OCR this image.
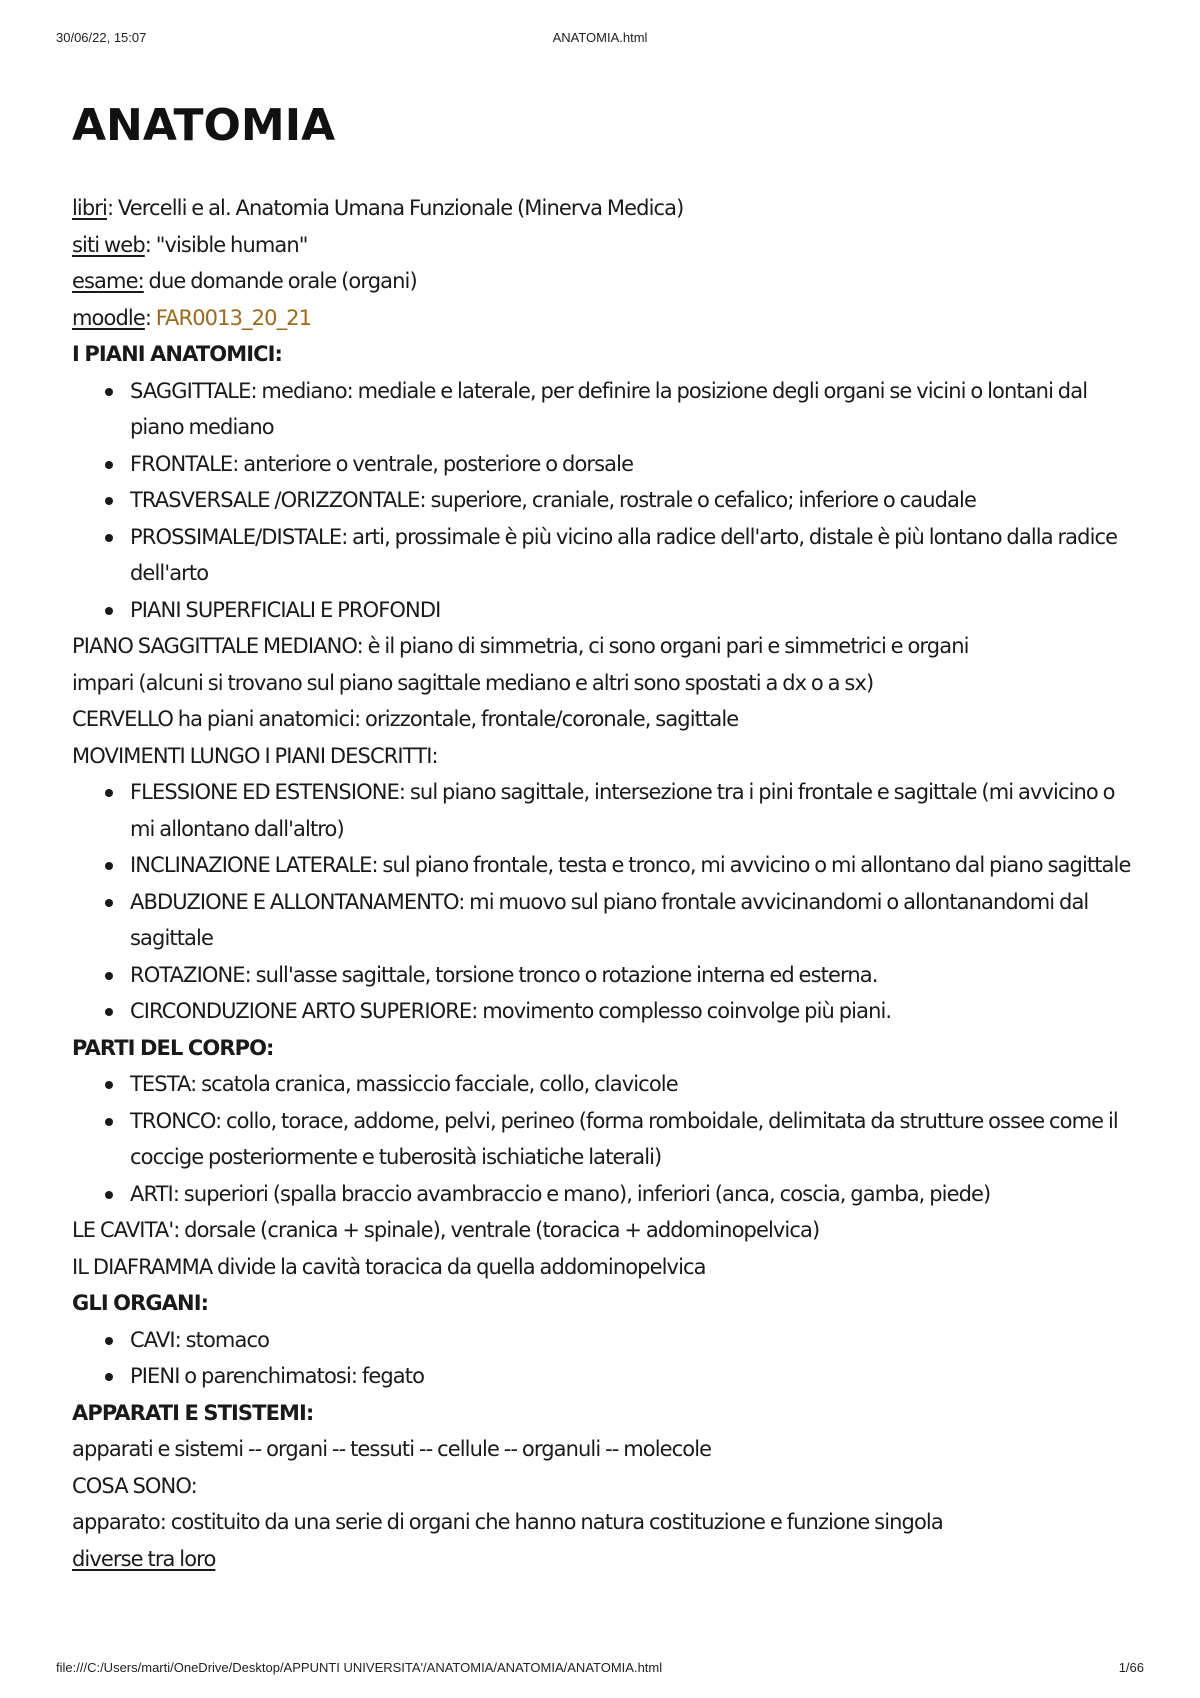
30/06/22, 15:07	ANATOMIA.html
ANATOMIA

libri: Vercelli e al. Anatomia Umana Funzionale (Minerva Medica)

siti web: "visible human"

esame: due domande orale (organi)

moodle: FAR0013_20_21

I PIANI ANATOMICI:

SAGGITTALE: mediano: mediale e laterale, per definire la posizione degli organi se vicini o lontani dal piano mediano
FRONTALE: anteriore o ventrale, posteriore o dorsale
TRASVERSALE /ORIZZONTALE: superiore, craniale, rostrale o cefalico; inferiore o caudale
PROSSIMALE/DISTALE: arti, prossimale è più vicino alla radice dell'arto, distale è più lontano dalla radice dell'arto
PIANI SUPERFICIALI E PROFONDI

PIANO SAGGITTALE MEDIANO: è il piano di simmetria, ci sono organi pari e simmetrici e organi

impari (alcuni si trovano sul piano sagittale mediano e altri sono spostati a dx o a sx)

CERVELLO ha piani anatomici: orizzontale, frontale/coronale, sagittale

MOVIMENTI LUNGO I PIANI DESCRITTI:

FLESSIONE ED ESTENSIONE: sul piano sagittale, intersezione tra i pini frontale e sagittale (mi avvicino o mi allontano dall'altro)
INCLINAZIONE LATERALE: sul piano frontale, testa e tronco, mi avvicino o mi allontano dal piano sagittale
ABDUZIONE E ALLONTANAMENTO: mi muovo sul piano frontale avvicinandomi o allontanandomi dal sagittale
ROTAZIONE: sull'asse sagittale, torsione tronco o rotazione interna ed esterna.
CIRCONDUZIONE ARTO SUPERIORE: movimento complesso coinvolge più piani.

PARTI DEL CORPO:

TESTA: scatola cranica, massiccio facciale, collo, clavicole
TRONCO: collo, torace, addome, pelvi, perineo (forma romboidale, delimitata da strutture ossee come il coccige posteriormente e tuberosità ischiatiche laterali)
ARTI: superiori (spalla braccio avambraccio e mano), inferiori (anca, coscia, gamba, piede)

LE CAVITA': dorsale (cranica + spinale), ventrale (toracica + addominopelvica)

IL DIAFRAMMA divide la cavità toracica da quella addominopelvica

GLI ORGANI:

CAVI: stomaco
PIENI o parenchimatosi: fegato

APPARATI E STISTEMI:

apparati e sistemi -- organi -- tessuti -- cellule -- organuli -- molecole

COSA SONO:

apparato: costituito da una serie di organi che hanno natura costituzione e funzione singola

diverse tra loro

file:///C:/Users/marti/OneDrive/Desktop/APPUNTI UNIVERSITA'/ANATOMIA/ANATOMIA/ANATOMIA.html	1/66
